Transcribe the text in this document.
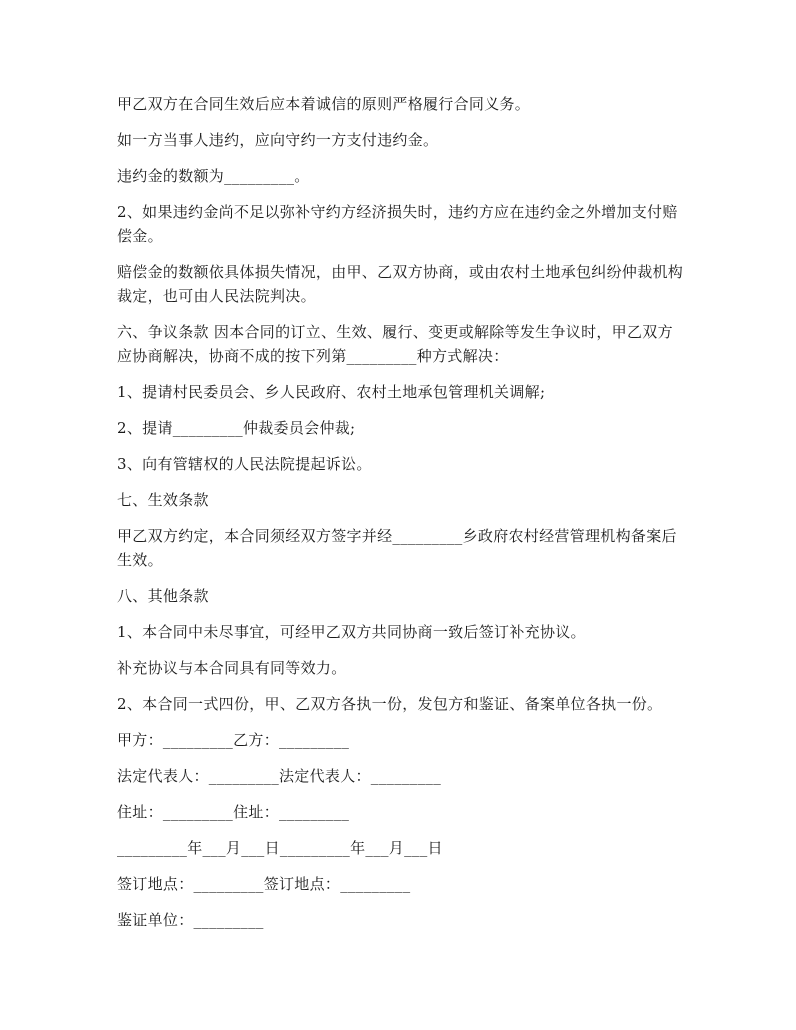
甲乙双方在合同生效后应本着诚信的原则严格履行合同义务。

如一方当事人违约，应向守约一方支付违约金。

违约金的数额为_________。

2、如果违约金尚不足以弥补守约方经济损失时，违约方应在违约金之外增加支付赔偿金。

赔偿金的数额依具体损失情况，由甲、乙双方协商，或由农村土地承包纠纷仲裁机构裁定，也可由人民法院判决。

六、争议条款 因本合同的订立、生效、履行、变更或解除等发生争议时，甲乙双方应协商解决，协商不成的按下列第_________种方式解决：

1、提请村民委员会、乡人民政府、农村土地承包管理机关调解;

2、提请_________仲裁委员会仲裁;

3、向有管辖权的人民法院提起诉讼。

七、生效条款

甲乙双方约定，本合同须经双方签字并经_________乡政府农村经营管理机构备案后生效。

八、其他条款

1、本合同中未尽事宜，可经甲乙双方共同协商一致后签订补充协议。

补充协议与本合同具有同等效力。

2、本合同一式四份，甲、乙双方各执一份，发包方和鉴证、备案单位各执一份。

甲方：_________乙方：_________

法定代表人：_________法定代表人：_________

住址：_________住址：_________

_________年___月___日_________年___月___日

签订地点：_________签订地点：_________

鉴证单位：_________
